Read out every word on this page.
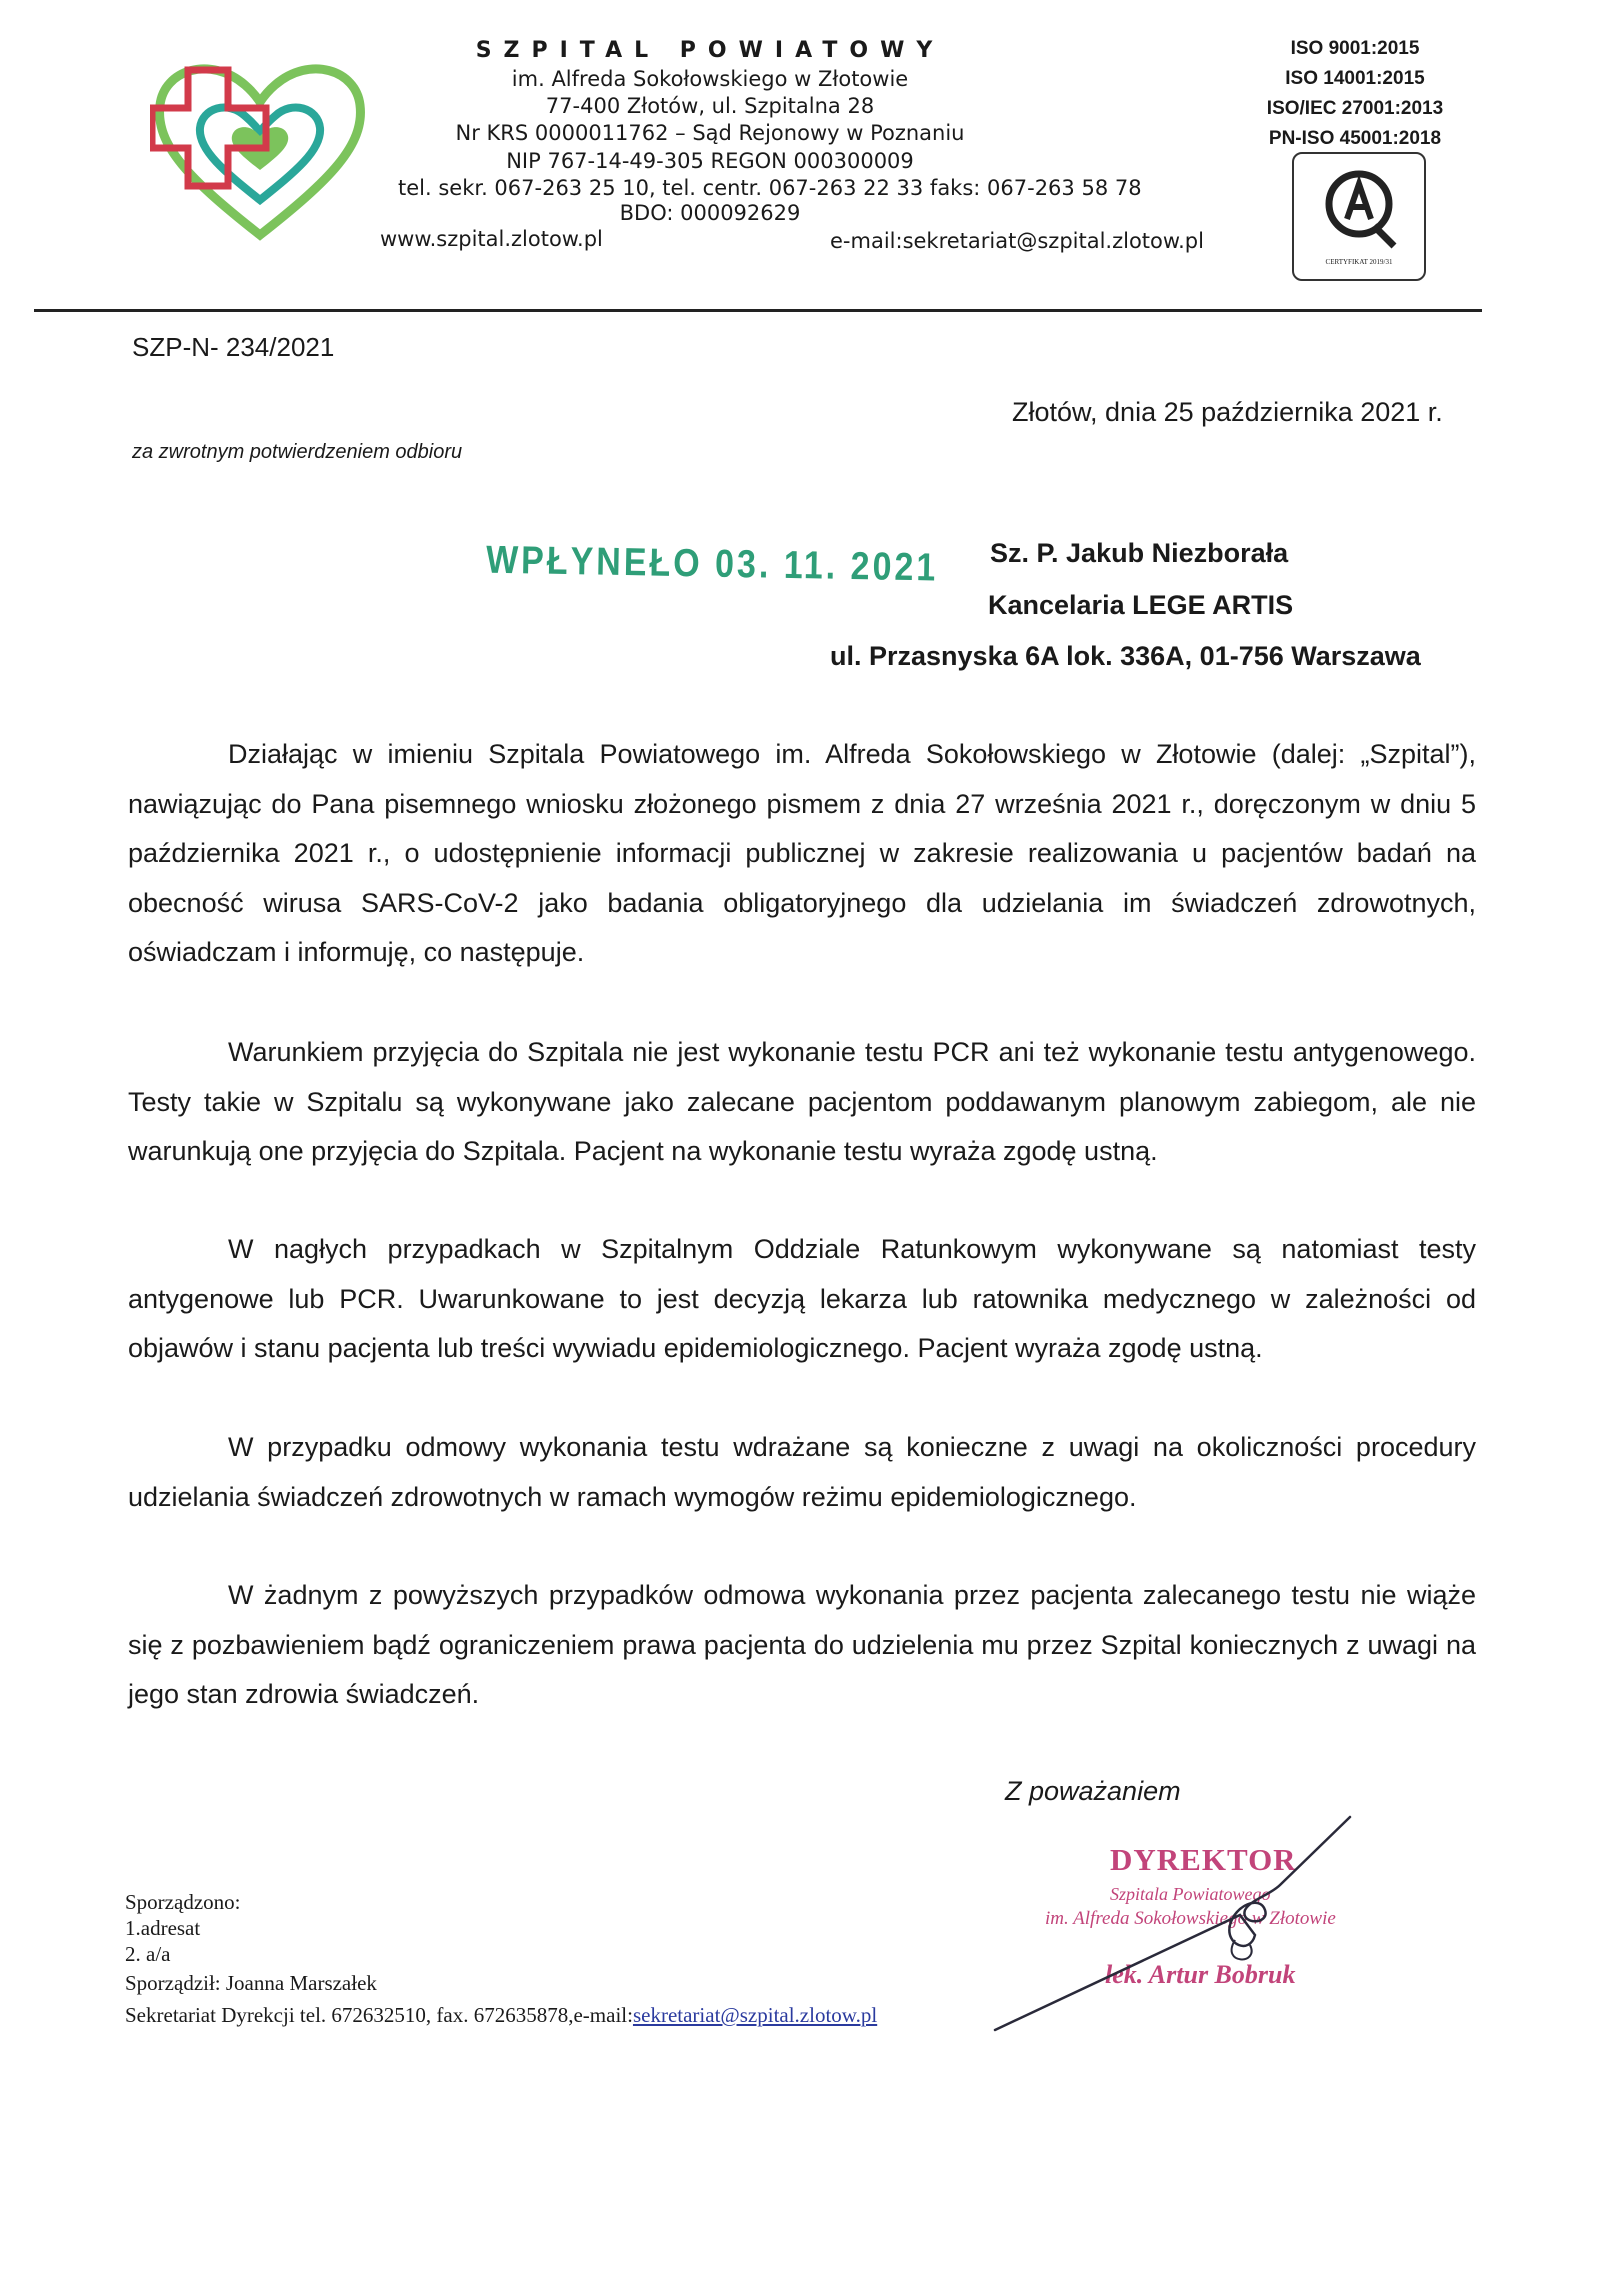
SZPITAL POWIATOWY
im. Alfreda Sokołowskiego w Złotowie
77-400 Złotów, ul. Szpitalna 28
Nr KRS 0000011762 – Sąd Rejonowy w Poznaniu
NIP 767-14-49-305 REGON 000300009
tel. sekr. 067-263 25 10, tel. centr. 067-263 22 33 faks: 067-263 58 78
BDO: 000092629
www.szpital.zlotow.pl	e-mail:sekretariat@szpital.zlotow.pl
ISO 9001:2015
ISO 14001:2015
ISO/IEC 27001:2013
PN-ISO 45001:2018
CERTYFIKAT 2019/31
SZP-N- 234/2021
Złotów, dnia 25 października 2021 r.
za zwrotnym potwierdzeniem odbioru
WPŁYNEŁO 03. 11. 2021 Sz. P. Jakub Niezborała
Kancelaria LEGE ARTIS
ul. Przasnyska 6A lok. 336A, 01-756 Warszawa
Działając w imieniu Szpitala Powiatowego im. Alfreda Sokołowskiego w Złotowie (dalej: „Szpital”), nawiązując do Pana pisemnego wniosku złożonego pismem z dnia 27 września 2021 r., doręczonym w dniu 5 października 2021 r., o udostępnienie informacji publicznej w zakresie realizowania u pacjentów badań na obecność wirusa SARS-CoV-2 jako badania obligatoryjnego dla udzielania im świadczeń zdrowotnych, oświadczam i informuję, co następuje.
Warunkiem przyjęcia do Szpitala nie jest wykonanie testu PCR ani też wykonanie testu antygenowego. Testy takie w Szpitalu są wykonywane jako zalecane pacjentom poddawanym planowym zabiegom, ale nie warunkują one przyjęcia do Szpitala. Pacjent na wykonanie testu wyraża zgodę ustną.
W nagłych przypadkach w Szpitalnym Oddziale Ratunkowym wykonywane są natomiast testy antygenowe lub PCR. Uwarunkowane to jest decyzją lekarza lub ratownika medycznego w zależności od objawów i stanu pacjenta lub treści wywiadu epidemiologicznego. Pacjent wyraża zgodę ustną.
W przypadku odmowy wykonania testu wdrażane są konieczne z uwagi na okoliczności procedury udzielania świadczeń zdrowotnych w ramach wymogów reżimu epidemiologicznego.
W żadnym z powyższych przypadków odmowa wykonania przez pacjenta zalecanego testu nie wiąże się z pozbawieniem bądź ograniczeniem prawa pacjenta do udzielenia mu przez Szpital koniecznych z uwagi na jego stan zdrowia świadczeń.
Z poważaniem
DYREKTOR
Szpitala Powiatowego
im. Alfreda Sokołowskiego w Złotowie
lek. Artur Bobruk
Sporządzono:
1.adresat
2. a/a
Sporządził: Joanna Marszałek
Sekretariat Dyrekcji tel. 672632510, fax. 672635878,e-mail:sekretariat@szpital.zlotow.pl
